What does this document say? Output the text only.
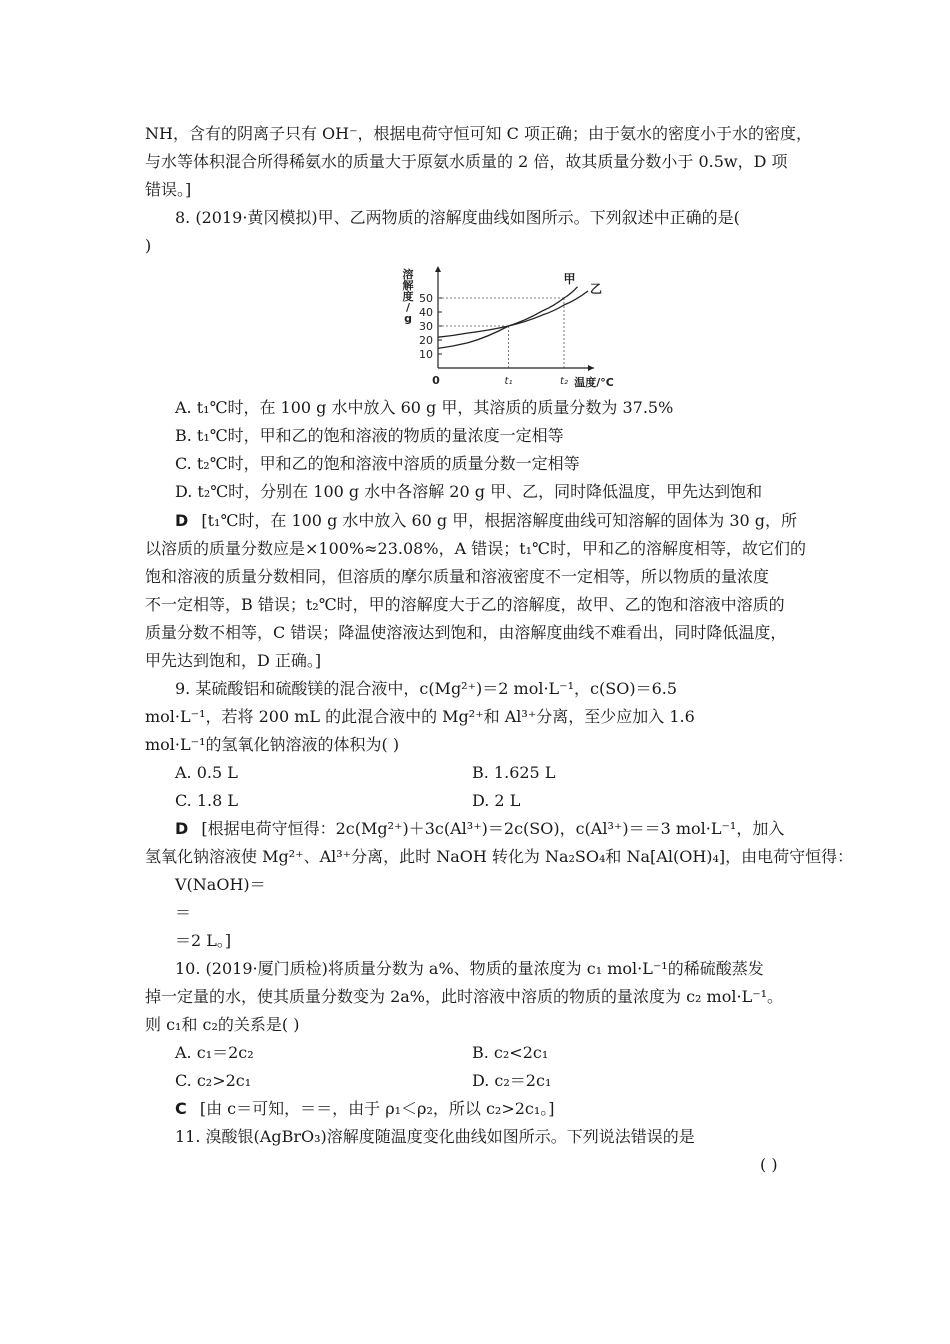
NH，含有的阴离子只有 OH⁻，根据电荷守恒可知 C 项正确；由于氨水的密度小于水的密度，
与水等体积混合所得稀氨水的质量大于原氨水质量的 2 倍，故其质量分数小于 0.5w，D 项
错误。]
8. (2019·黄冈模拟)甲、乙两物质的溶解度曲线如图所示。下列叙述中正确的是(
)
10
20
30
40
50
溶
解
度
/
g
0	t₁	t₂ 温度/°C
甲
乙
A. t₁℃时，在 100 g 水中放入 60 g 甲，其溶质的质量分数为 37.5%
B. t₁℃时，甲和乙的饱和溶液的物质的量浓度一定相等
C. t₂℃时，甲和乙的饱和溶液中溶质的质量分数一定相等
D. t₂℃时，分别在 100 g 水中各溶解 20 g 甲、乙，同时降低温度，甲先达到饱和
D [t₁℃时，在 100 g 水中放入 60 g 甲，根据溶解度曲线可知溶解的固体为 30 g，所
以溶质的质量分数应是×100%≈23.08%，A 错误；t₁℃时，甲和乙的溶解度相等，故它们的
饱和溶液的质量分数相同，但溶质的摩尔质量和溶液密度不一定相等，所以物质的量浓度
不一定相等，B 错误；t₂℃时，甲的溶解度大于乙的溶解度，故甲、乙的饱和溶液中溶质的
质量分数不相等，C 错误；降温使溶液达到饱和，由溶解度曲线不难看出，同时降低温度，
甲先达到饱和，D 正确。]
9. 某硫酸铝和硫酸镁的混合液中，c(Mg²⁺)＝2 mol·L⁻¹，c(SO)＝6.5
mol·L⁻¹，若将 200 mL 的此混合液中的 Mg²⁺和 Al³⁺分离，至少应加入 1.6
mol·L⁻¹的氢氧化钠溶液的体积为( )
A. 0.5 L	B. 1.625 L
C. 1.8 L	D. 2 L
D [根据电荷守恒得：2c(Mg²⁺)＋3c(Al³⁺)＝2c(SO)，c(Al³⁺)＝＝3 mol·L⁻¹，加入
氢氧化钠溶液使 Mg²⁺、Al³⁺分离，此时 NaOH 转化为 Na₂SO₄和 Na[Al(OH)₄]，由电荷守恒得：
V(NaOH)＝
＝
＝2 L。]
10. (2019·厦门质检)将质量分数为 a%、物质的量浓度为 c₁ mol·L⁻¹的稀硫酸蒸发
掉一定量的水，使其质量分数变为 2a%，此时溶液中溶质的物质的量浓度为 c₂ mol·L⁻¹。
则 c₁和 c₂的关系是( )
A. c₁＝2c₂	B. c₂<2c₁
C. c₂>2c₁	D. c₂＝2c₁
C [由 c＝可知，＝＝，由于 ρ₁＜ρ₂，所以 c₂>2c₁。]
11. 溴酸银(AgBrO₃)溶解度随温度变化曲线如图所示。下列说法错误的是
( )
